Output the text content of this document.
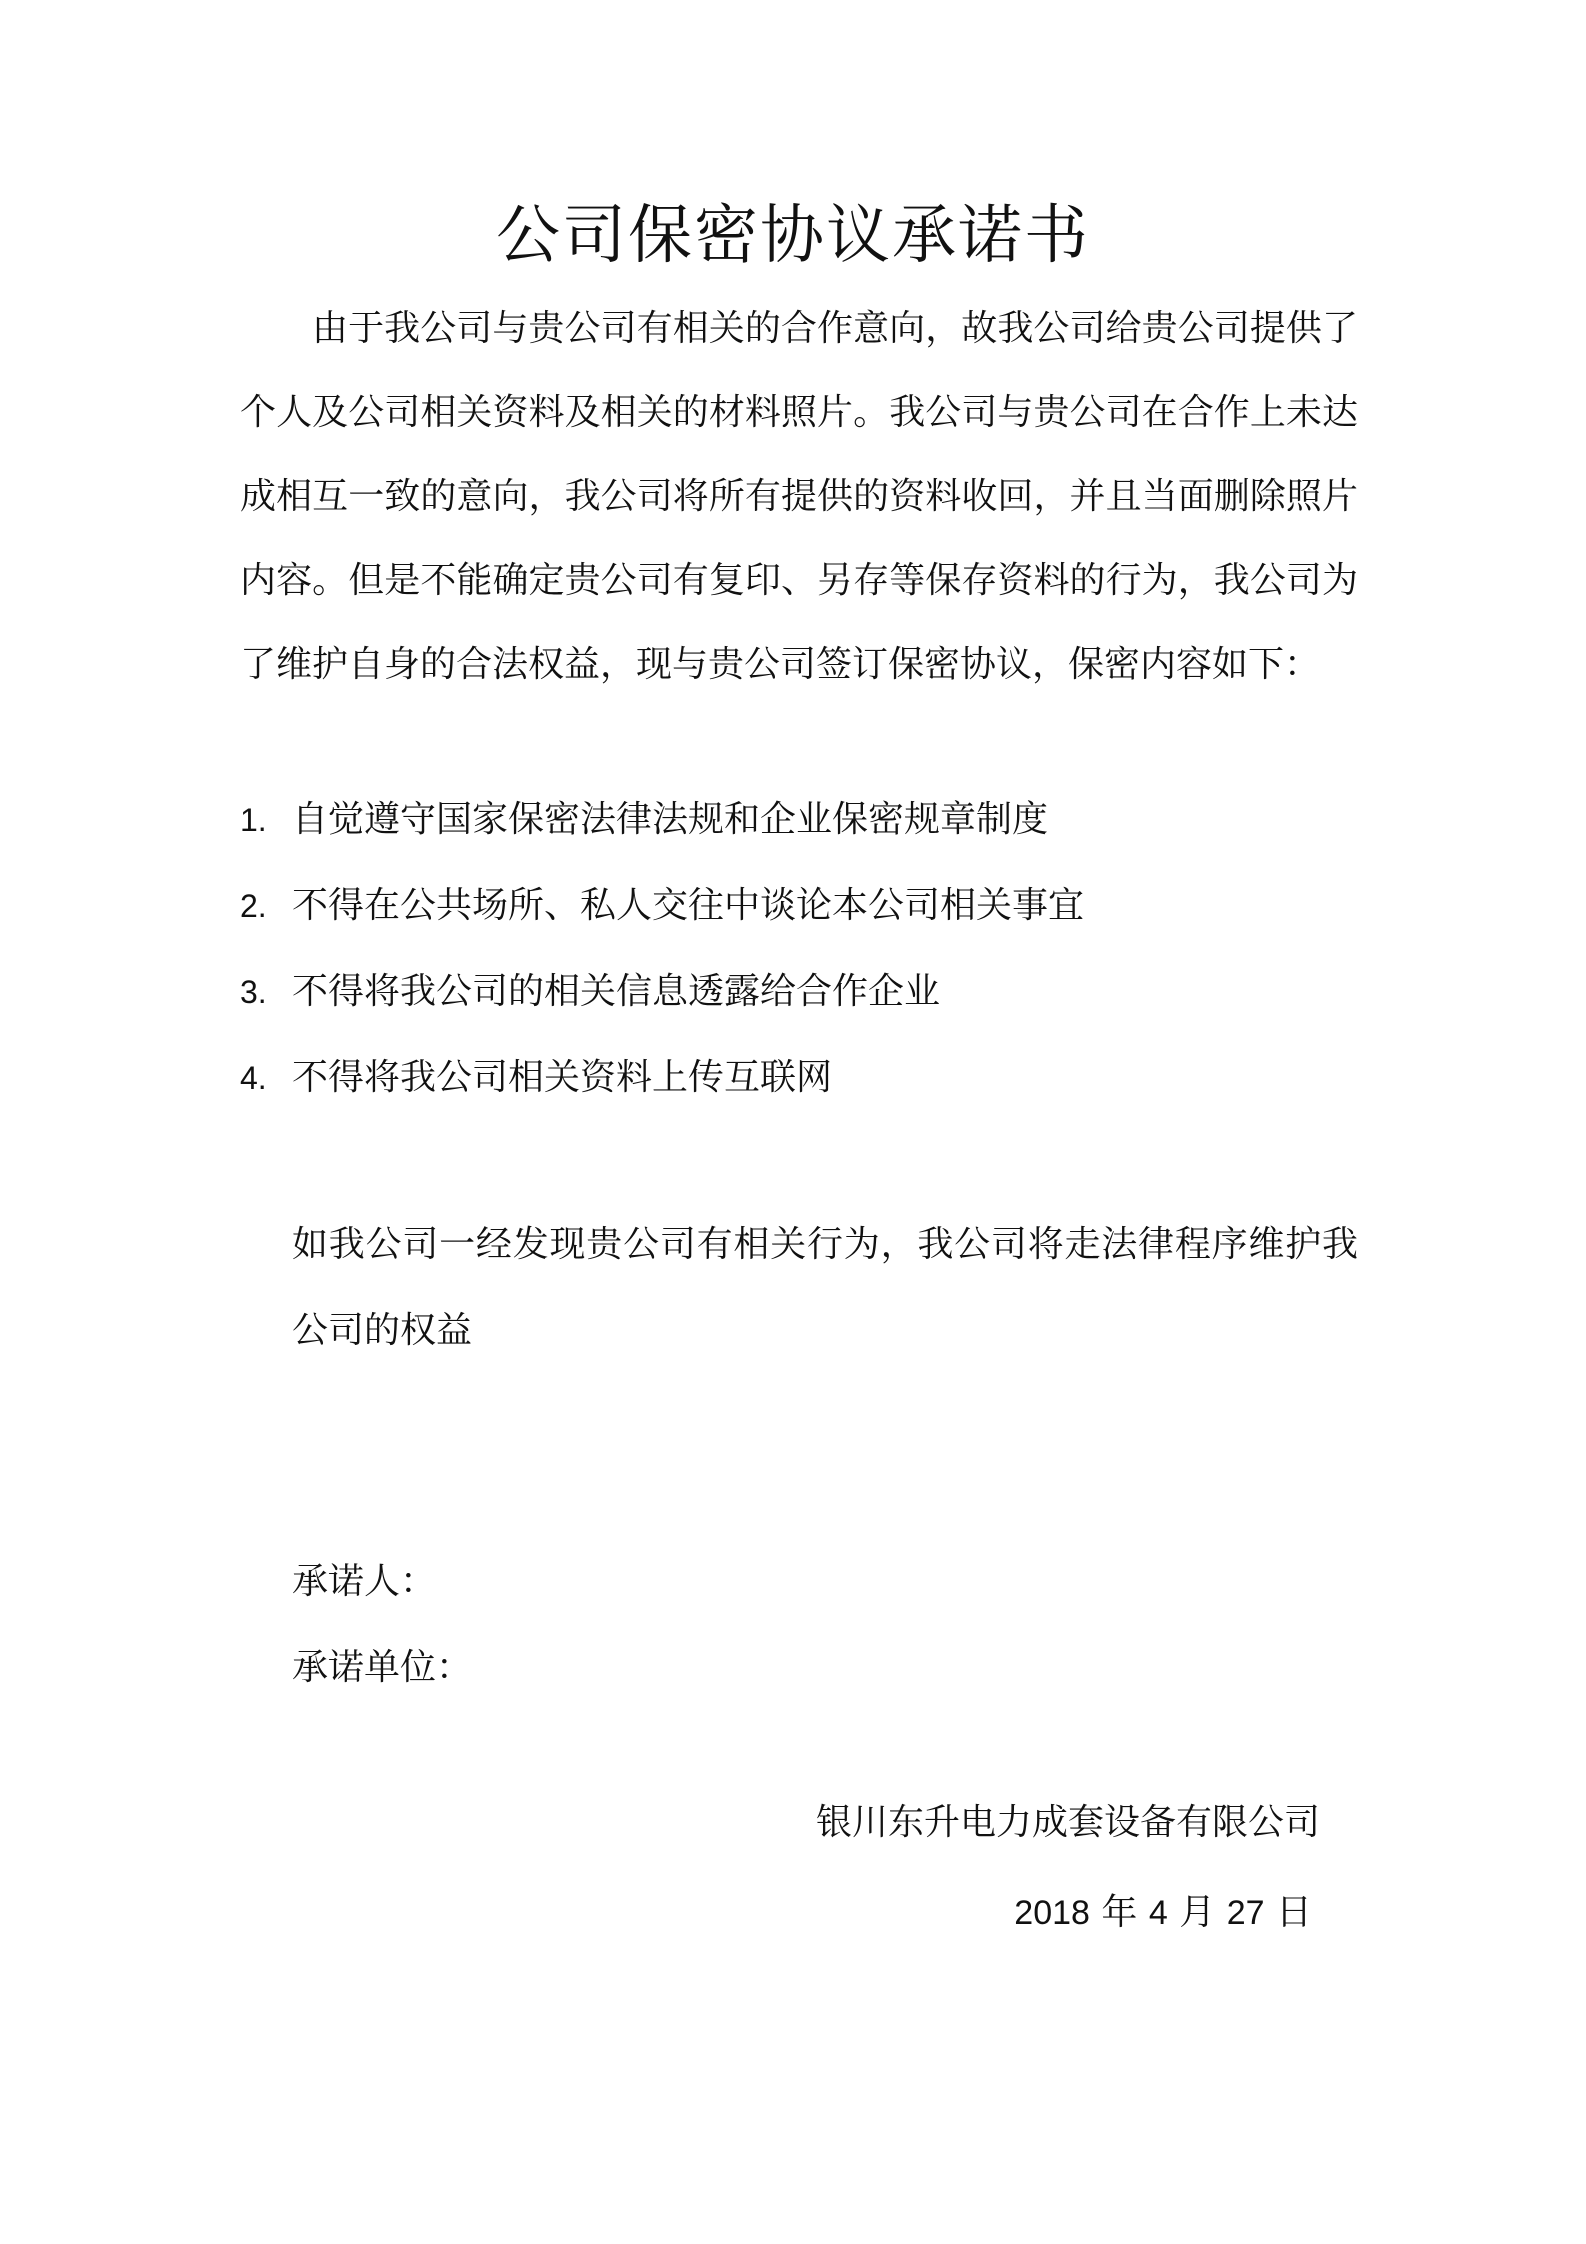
公司保密协议承诺书

由于我公司与贵公司有相关的合作意向，故我公司给贵公司提供了个人及公司相关资料及相关的材料照片。我公司与贵公司在合作上未达成相互一致的意向，我公司将所有提供的资料收回，并且当面删除照片内容。但是不能确定贵公司有复印、另存等保存资料的行为，我公司为了维护自身的合法权益，现与贵公司签订保密协议，保密内容如下：

1. 自觉遵守国家保密法律法规和企业保密规章制度
2. 不得在公共场所、私人交往中谈论本公司相关事宜
3. 不得将我公司的相关信息透露给合作企业
4. 不得将我公司相关资料上传互联网

如我公司一经发现贵公司有相关行为，我公司将走法律程序维护我公司的权益

承诺人：
承诺单位：
银川东升电力成套设备有限公司
2018 年 4 月 27 日
